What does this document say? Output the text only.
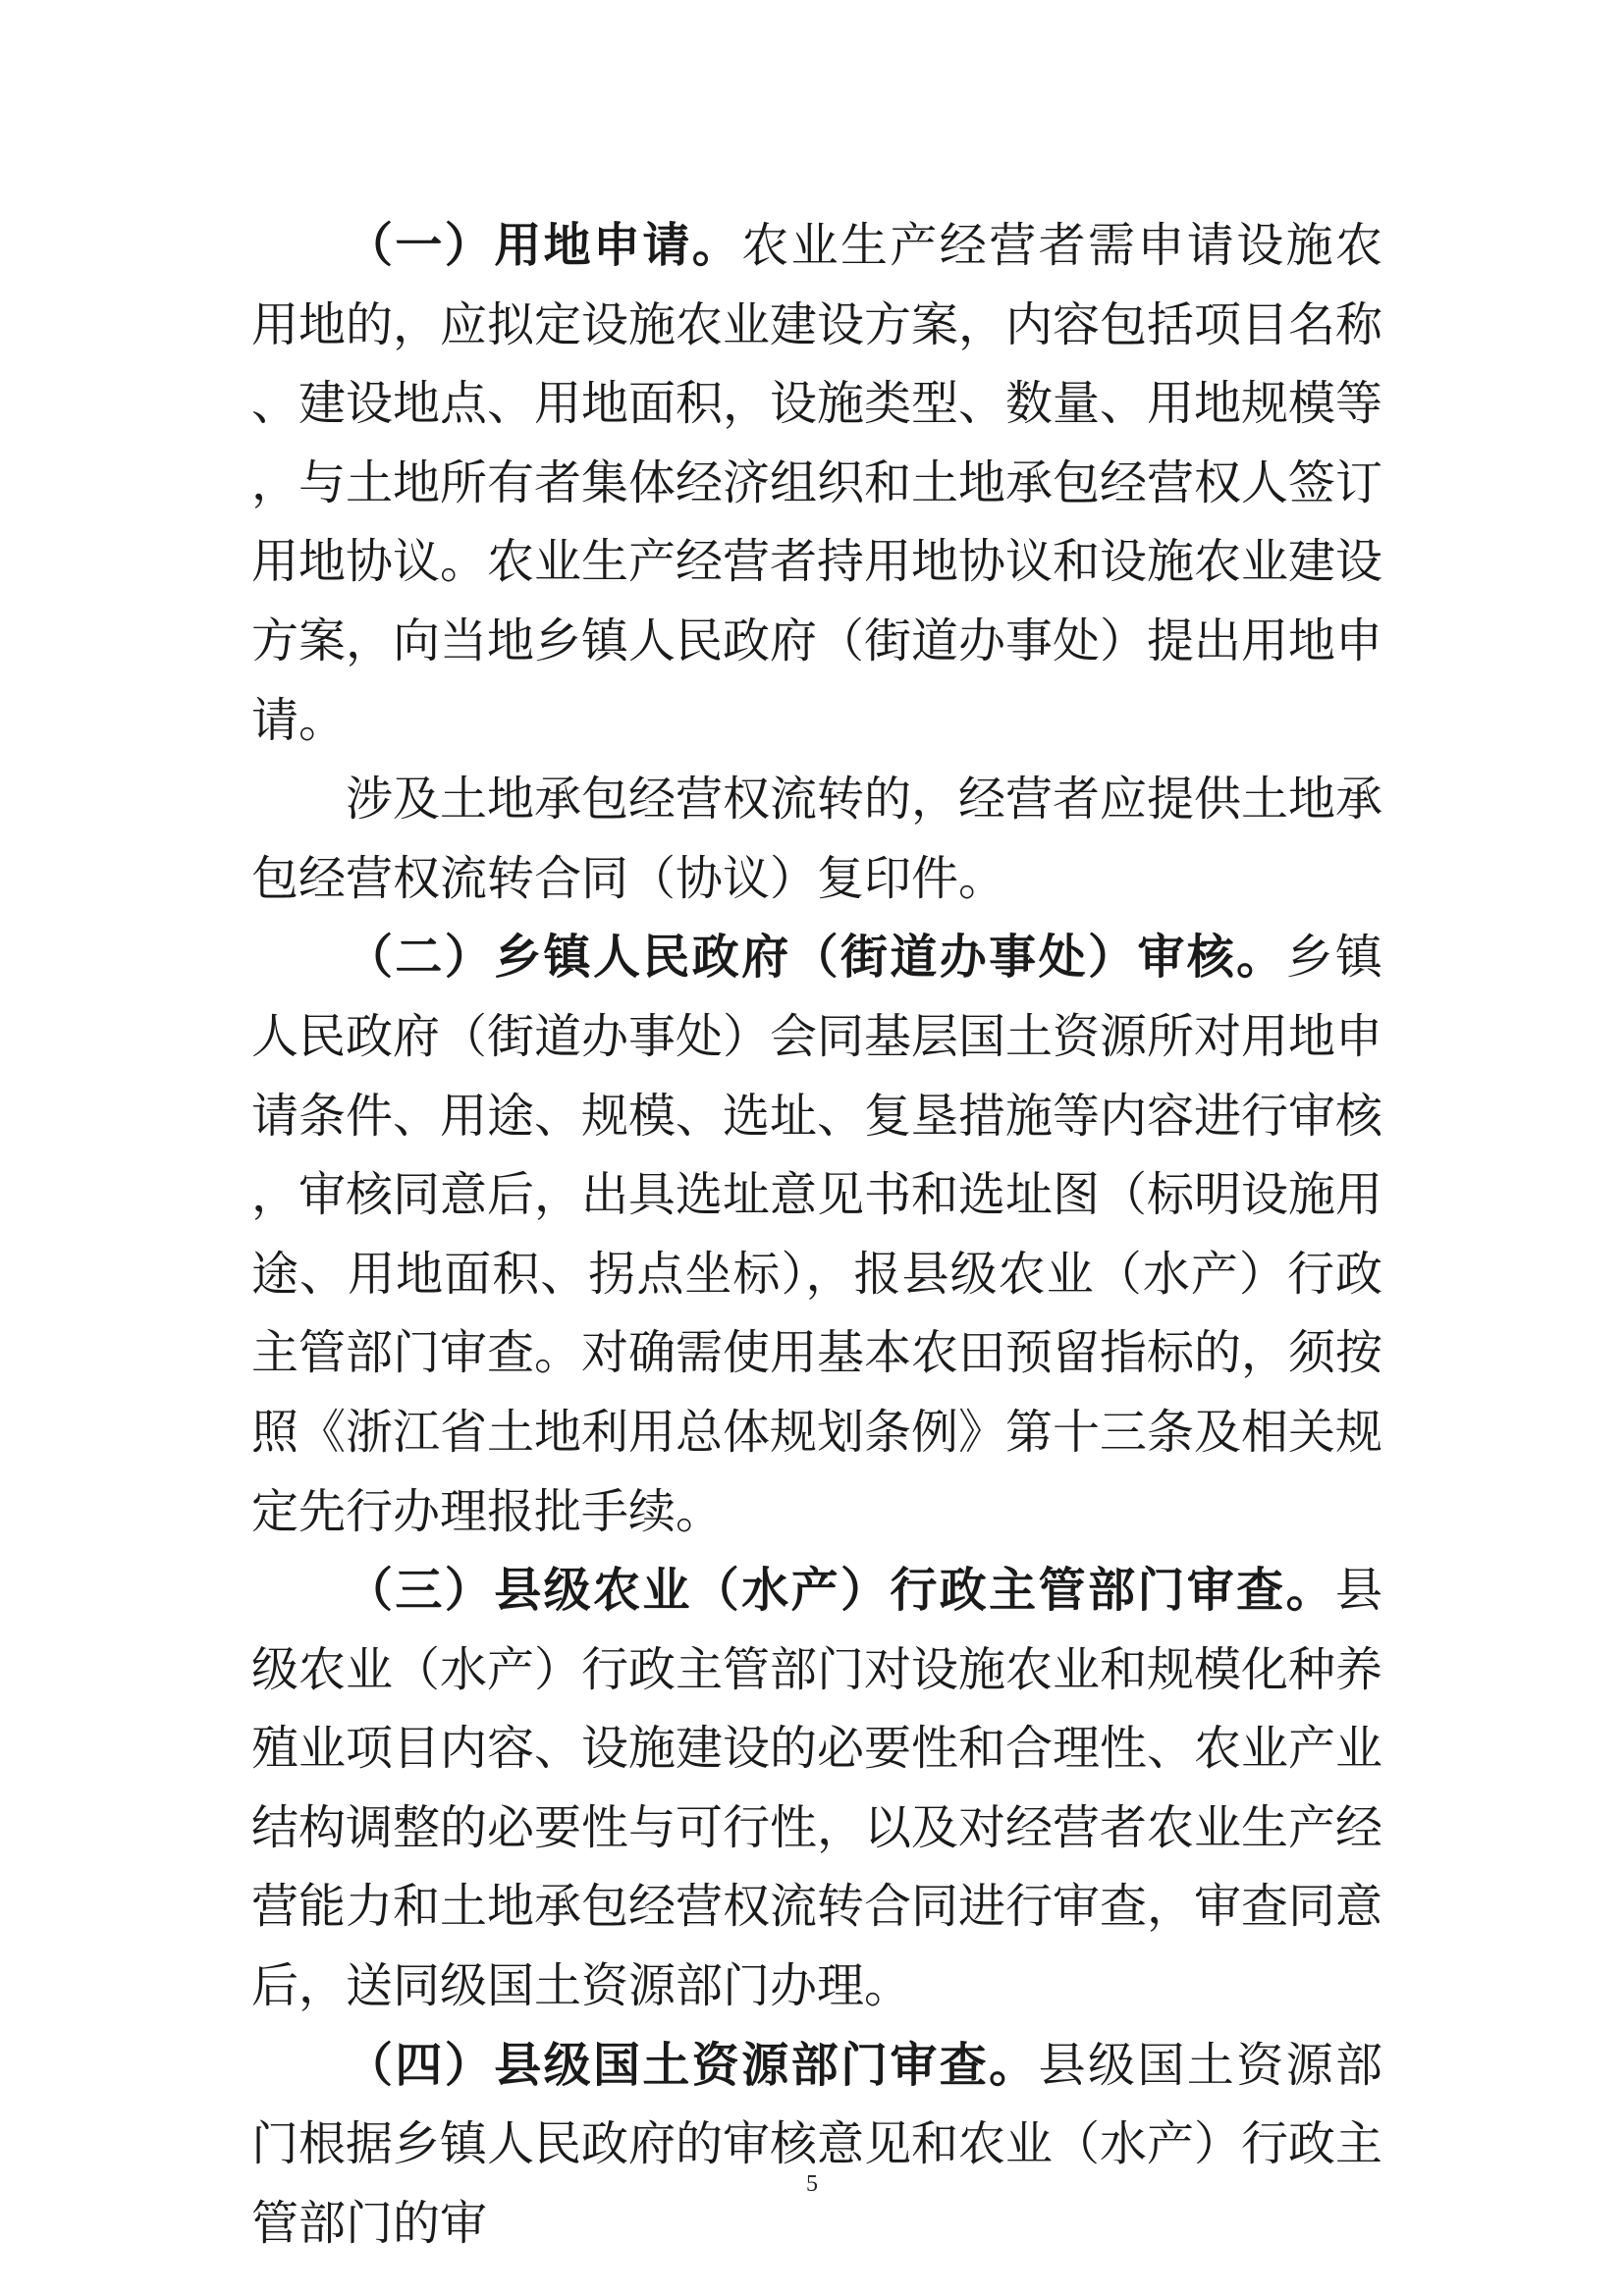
（一）用地申请。农业生产经营者需申请设施农用地的，应拟定设施农业建设方案，内容包括项目名称、建设地点、用地面积，设施类型、数量、用地规模等，与土地所有者集体经济组织和土地承包经营权人签订用地协议。农业生产经营者持用地协议和设施农业建设方案，向当地乡镇人民政府（街道办事处）提出用地申请。

涉及土地承包经营权流转的，经营者应提供土地承包经营权流转合同（协议）复印件。

（二）乡镇人民政府（街道办事处）审核。乡镇人民政府（街道办事处）会同基层国土资源所对用地申请条件、用途、规模、选址、复垦措施等内容进行审核，审核同意后，出具选址意见书和选址图（标明设施用途、用地面积、拐点坐标），报县级农业（水产）行政主管部门审查。对确需使用基本农田预留指标的，须按照《浙江省土地利用总体规划条例》第十三条及相关规定先行办理报批手续。

（三）县级农业（水产）行政主管部门审查。县级农业（水产）行政主管部门对设施农业和规模化种养殖业项目内容、设施建设的必要性和合理性、农业产业结构调整的必要性与可行性，以及对经营者农业生产经营能力和土地承包经营权流转合同进行审查，审查同意后，送同级国土资源部门办理。

（四）县级国土资源部门审查。县级国土资源部门根据乡镇人民政府的审核意见和农业（水产）行政主管部门的审

5
